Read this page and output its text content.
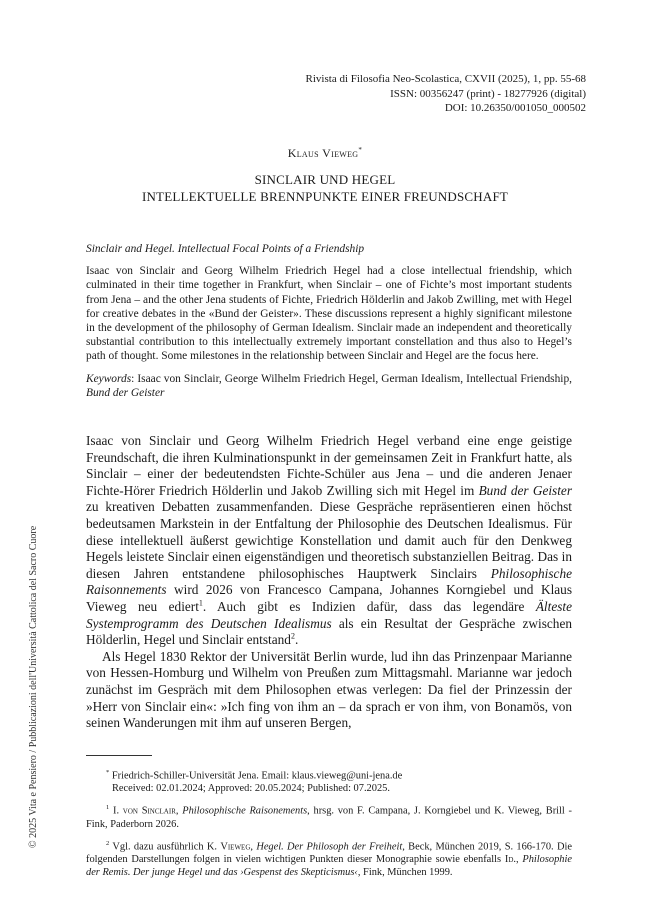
Rivista di Filosofia Neo-Scolastica, CXVII (2025), 1, pp. 55-68
ISSN: 00356247 (print) - 18277926 (digital)
DOI: 10.26350/001050_000502
© 2025 Vita e Pensiero / Pubblicazioni dell'Università Cattolica del Sacro Cuore
Klaus Vieweg*
SINCLAIR UND HEGEL
INTELLEKTUELLE BRENNPUNKTE EINER FREUNDSCHAFT
Sinclair and Hegel. Intellectual Focal Points of a Friendship
Isaac von Sinclair and Georg Wilhelm Friedrich Hegel had a close intellectual friendship, which culminated in their time together in Frankfurt, when Sinclair – one of Fichte’s most important students from Jena – and the other Jena students of Fichte, Friedrich Hölderlin and Jakob Zwilling, met with Hegel for creative debates in the «Bund der Geister». These discussions represent a highly significant milestone in the development of the philosophy of German Idealism. Sinclair made an independent and theoretically substantial contribution to this intellectually extremely important constellation and thus also to Hegel’s path of thought. Some milestones in the relationship between Sinclair and Hegel are the focus here.
Keywords: Isaac von Sinclair, George Wilhelm Friedrich Hegel, German Idealism, Intellectual Friendship, Bund der Geister

Isaac von Sinclair und Georg Wilhelm Friedrich Hegel verband eine enge geistige Freundschaft, die ihren Kulminationspunkt in der gemeinsamen Zeit in Frankfurt hatte, als Sinclair – einer der bedeutendsten Fichte-Schüler aus Jena – und die anderen Jenaer Fichte-Hörer Friedrich Hölderlin und Jakob Zwilling sich mit Hegel im Bund der Geister zu kreativen Debatten zusammenfanden. Diese Gespräche repräsentieren einen höchst bedeutsamen Markstein in der Entfaltung der Philosophie des Deutschen Idealismus. Für diese intellektuell äußerst gewichtige Konstellation und damit auch für den Denkweg Hegels leistete Sinclair einen eigenständigen und theoretisch substanziellen Beitrag. Das in diesen Jahren entstandene philosophisches Hauptwerk Sinclairs Philosophische Raisonnements wird 2026 von Francesco Campana, Johannes Korngiebel und Klaus Vieweg neu ediert$^1$. Auch gibt es Indizien dafür, dass das legendäre Älteste Systemprogramm des Deutschen Idealismus als ein Resultat der Gespräche zwischen Hölderlin, Hegel und Sinclair entstand$^2$.

Als Hegel 1830 Rektor der Universität Berlin wurde, lud ihn das Prinzenpaar Marianne von Hessen-Homburg und Wilhelm von Preußen zum Mittagsmahl. Marianne war jedoch zunächst im Gespräch mit dem Philosophen etwas verlegen: Da fiel der Prinzessin der »Herr von Sinclair ein«: »Ich fing von ihm an – da sprach er von ihm, von Bonamös, von seinen Wanderungen mit ihm auf unseren Bergen,

* Friedrich-Schiller-Universität Jena. Email: klaus.vieweg@uni-jena.de
Received: 02.01.2024; Approved: 20.05.2024; Published: 07.2025.
$^1$ I. von Sinclair, Philosophische Raisonements, hrsg. von F. Campana, J. Korngiebel und K. Vieweg, Brill - Fink, Paderborn 2026.
$^2$ Vgl. dazu ausführlich K. Vieweg, Hegel. Der Philosoph der Freiheit, Beck, München 2019, S. 166-170. Die folgenden Darstellungen folgen in vielen wichtigen Punkten dieser Monographie sowie ebenfalls Id., Philosophie der Remis. Der junge Hegel und das ›Gespenst des Skepticismus‹, Fink, München 1999.
